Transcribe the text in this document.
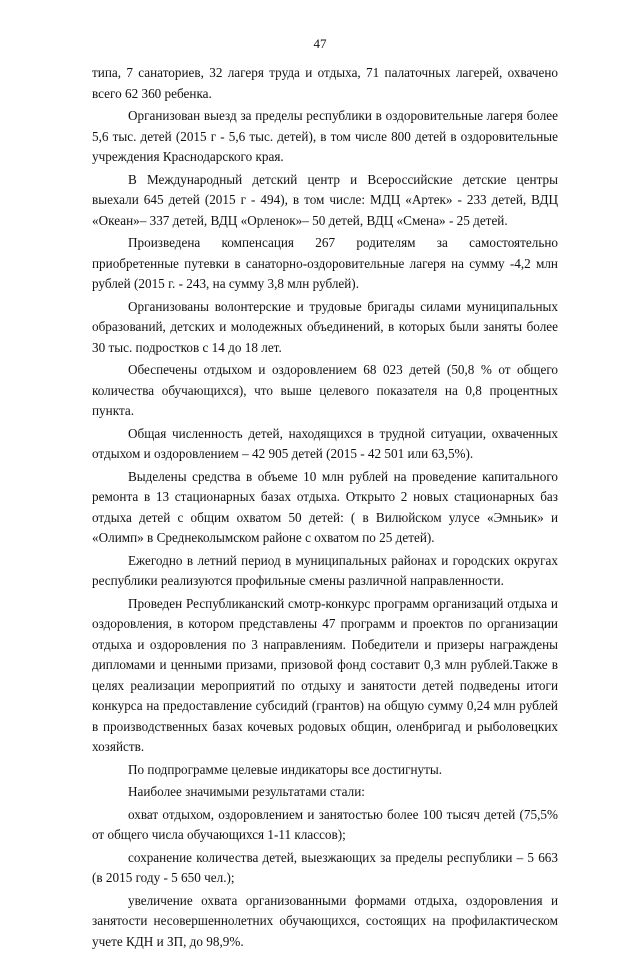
47

типа, 7 санаториев, 32 лагеря труда и отдыха, 71 палаточных лагерей, охвачено всего 62 360 ребенка.

Организован выезд за пределы республики в оздоровительные лагеря более 5,6 тыс. детей (2015 г - 5,6 тыс. детей), в том числе 800 детей в оздоровительные учреждения Краснодарского края.

В Международный детский центр и Всероссийские детские центры выехали 645 детей (2015 г - 494), в том числе: МДЦ «Артек» - 233 детей, ВДЦ «Океан»– 337 детей, ВДЦ «Орленок»– 50 детей, ВДЦ «Смена» - 25 детей.

Произведена компенсация 267 родителям за самостоятельно приобретенные путевки в санаторно-оздоровительные лагеря на сумму -4,2 млн рублей (2015 г. - 243, на сумму 3,8 млн рублей).

Организованы волонтерские и трудовые бригады силами муниципальных образований, детских и молодежных объединений, в которых были заняты более 30 тыс. подростков с 14 до 18 лет.

Обеспечены отдыхом и оздоровлением 68 023 детей (50,8 % от общего количества обучающихся), что выше целевого показателя на 0,8 процентных пункта.

Общая численность детей, находящихся в трудной ситуации, охваченных отдыхом и оздоровлением – 42 905 детей (2015 - 42 501 или 63,5%).

Выделены средства в объеме 10 млн рублей на проведение капитального ремонта в 13 стационарных базах отдыха. Открыто 2 новых стационарных баз отдыха детей с общим охватом 50 детей: ( в Вилюйском улусе «Эмньик» и «Олимп» в Среднеколымском районе с охватом по 25 детей).

Ежегодно в летний период в муниципальных районах и городских округах республики реализуются профильные смены различной направленности.

Проведен Республиканский смотр-конкурс программ организаций отдыха и оздоровления, в котором представлены 47 программ и проектов по организации отдыха и оздоровления по 3 направлениям. Победители и призеры награждены дипломами и ценными призами, призовой фонд составит 0,3 млн рублей.Также в целях реализации мероприятий по отдыху и занятости детей подведены итоги конкурса на предоставление субсидий (грантов) на общую сумму 0,24 млн рублей в производственных базах кочевых родовых общин, оленбригад и рыболовецких хозяйств.

По подпрограмме целевые индикаторы все достигнуты.

Наиболее значимыми результатами стали:

охват отдыхом, оздоровлением и занятостью более 100 тысяч детей (75,5% от общего числа обучающихся 1-11 классов);

сохранение количества детей, выезжающих за пределы республики – 5 663 (в 2015 году - 5 650 чел.);

увеличение охвата организованными формами отдыха, оздоровления и занятости несовершеннолетних обучающихся, состоящих на профилактическом учете КДН и ЗП, до 98,9%.
